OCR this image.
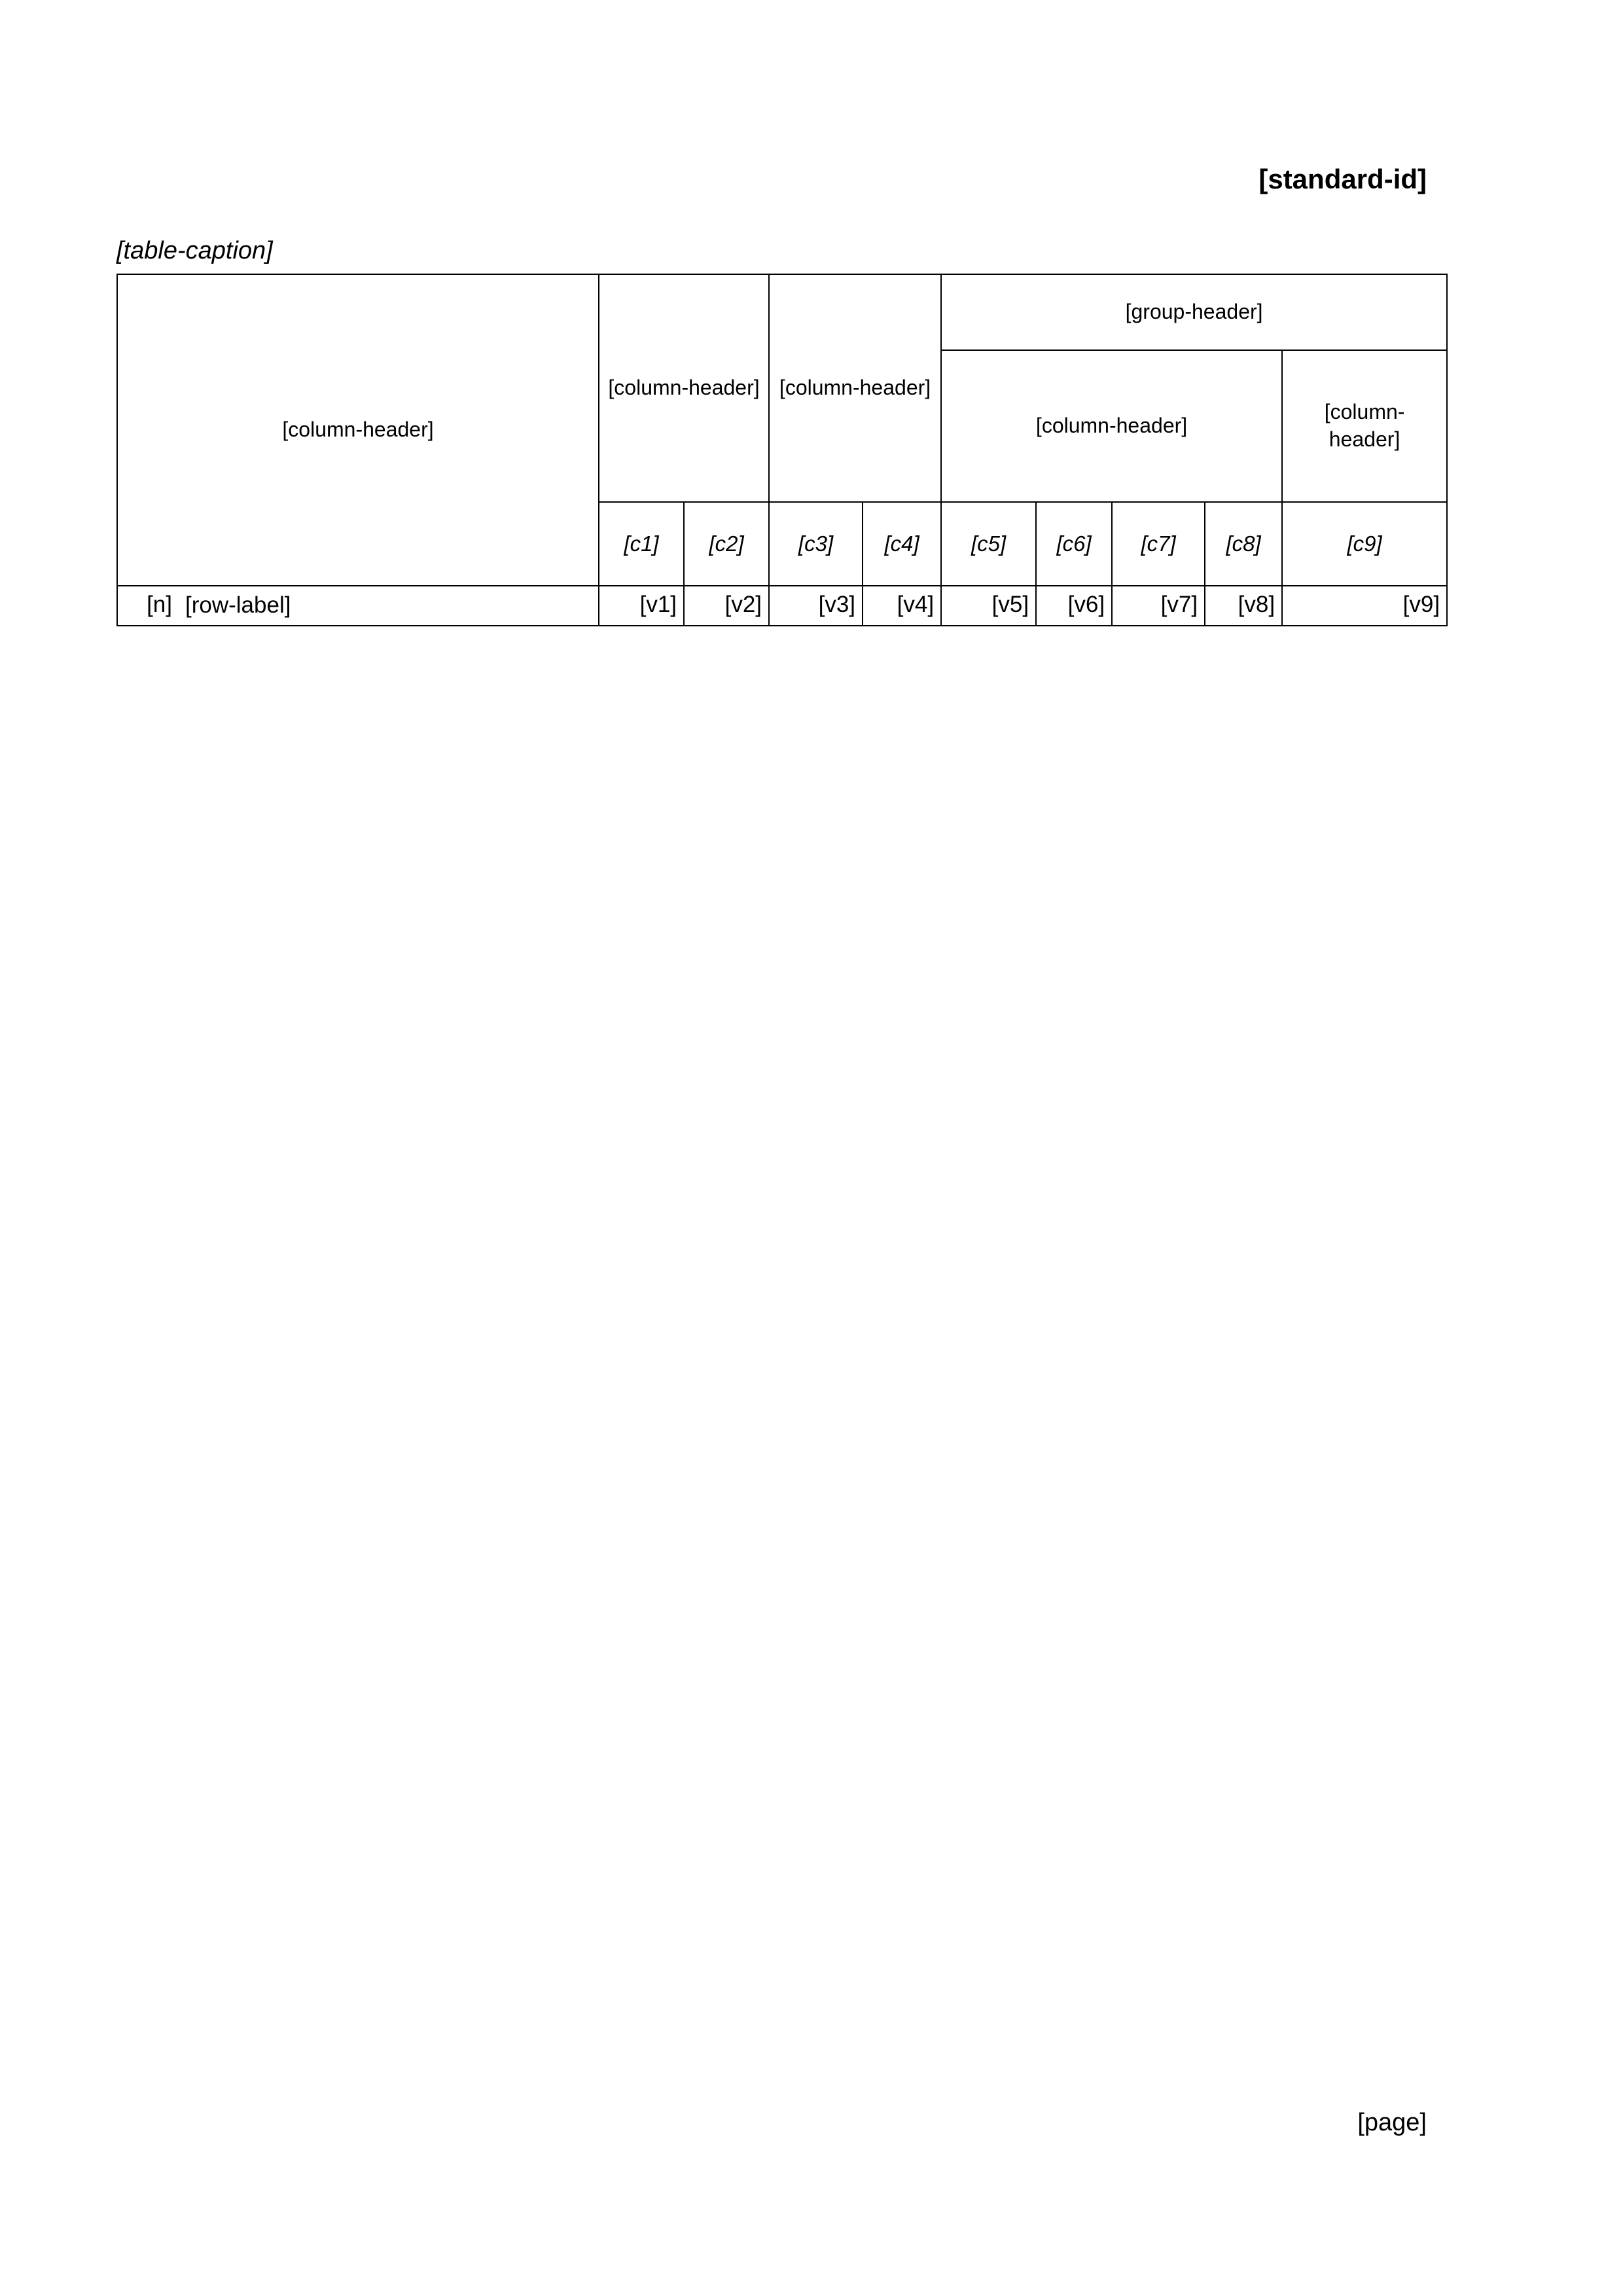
[standard-id]
[table-caption]
[column-header]		[column-header]		[column-header]		[group-header]				
						[column-header]				[column-header]
		[c1]	[c2]	[c3]	[c4]	[c5]	[c6]	[c7]	[c8]	[c9]
[n]	[row-label]	[v1]	[v2]	[v3]	[v4]	[v5]	[v6]	[v7]	[v8]	[v9]
[page]
